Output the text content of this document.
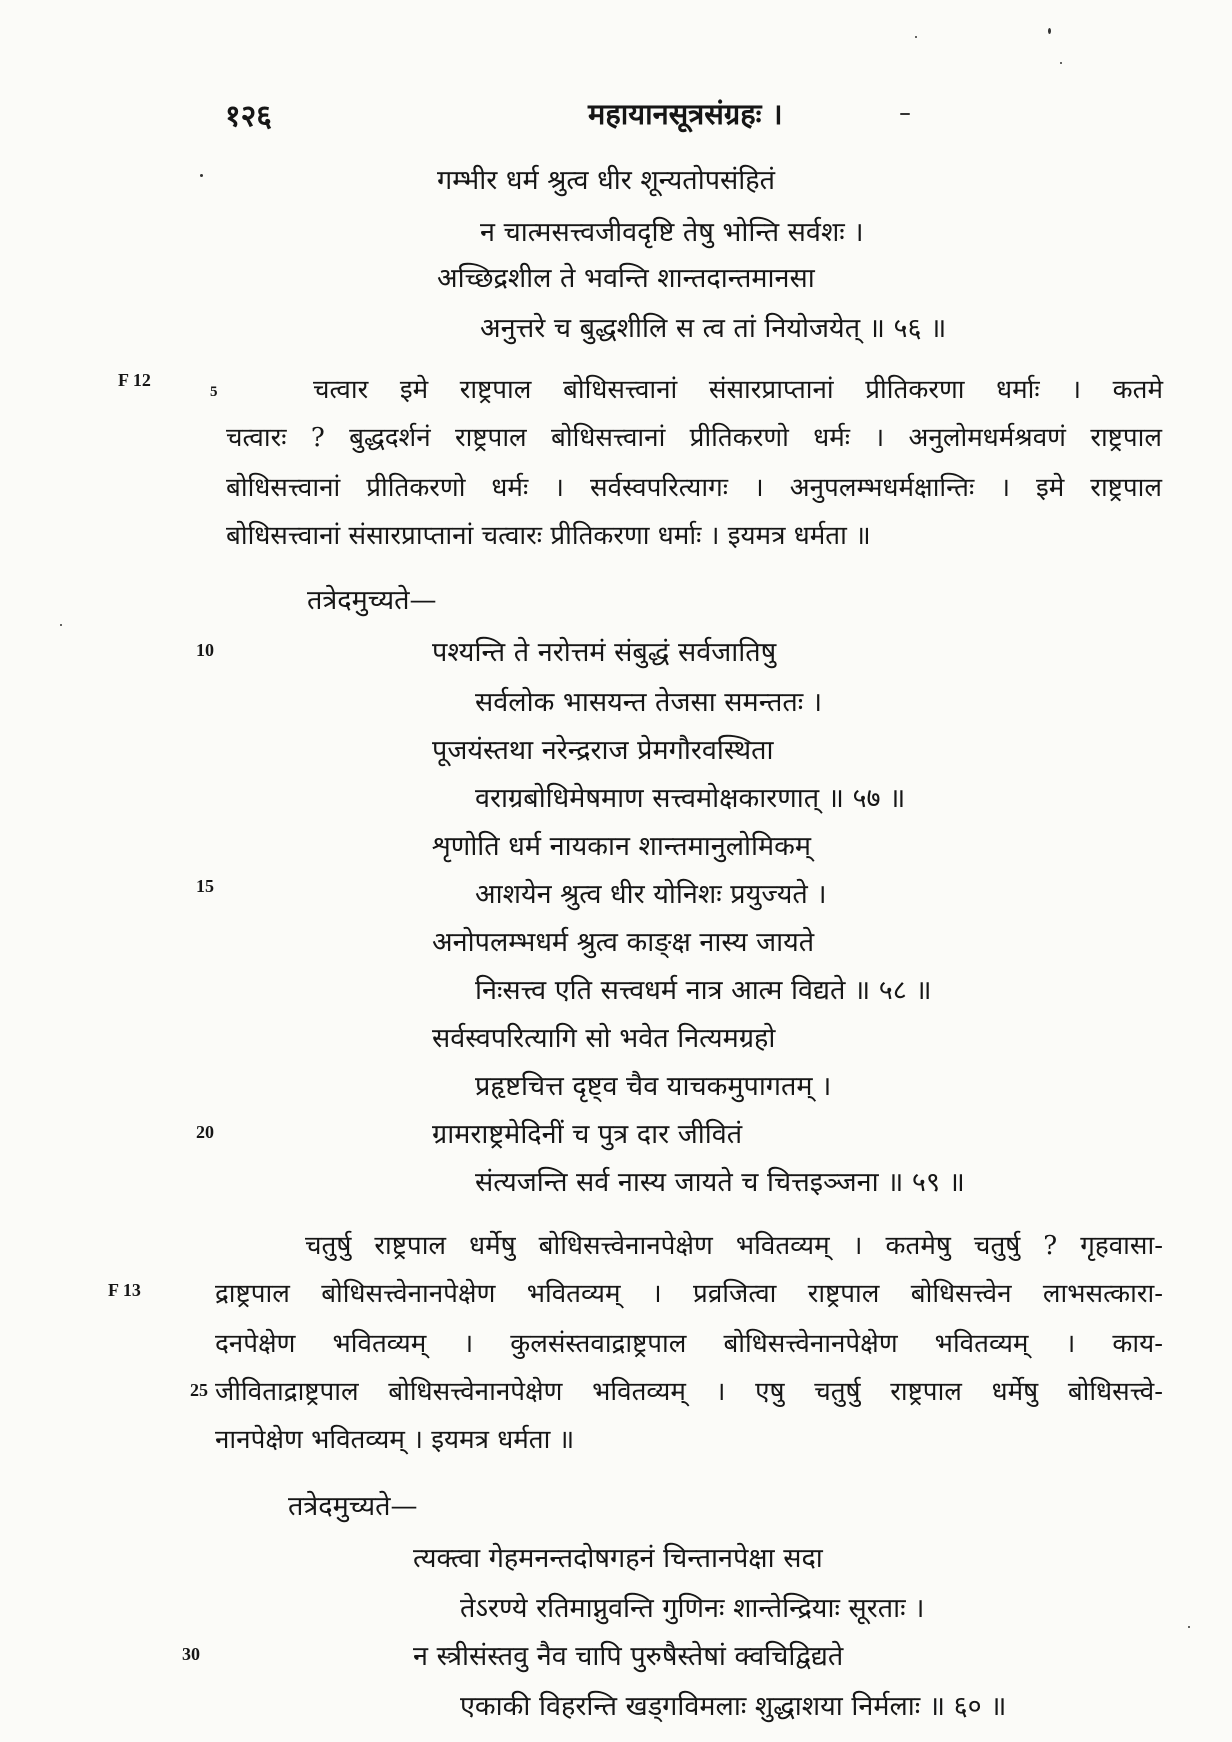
१२६	महायानसूत्रसंग्रहः ।
गम्भीर धर्म श्रुत्व धीर शून्यतोपसंहितं
न चात्मसत्त्वजीवदृष्टि तेषु भोन्ति सर्वशः ।
अच्छिद्रशील ते भवन्ति शान्तदान्तमानसा
अनुत्तरे च बुद्धशीलि स त्व तां नियोजयेत् ॥ ५६ ॥
F 12
5	चत्वार इमे राष्ट्रपाल बोधिसत्त्वानां संसारप्राप्तानां प्रीतिकरणा धर्माः । कतमे
चत्वारः ? बुद्धदर्शनं राष्ट्रपाल बोधिसत्त्वानां प्रीतिकरणो धर्मः । अनुलोमधर्मश्रवणं राष्ट्रपाल
बोधिसत्त्वानां प्रीतिकरणो धर्मः । सर्वस्वपरित्यागः । अनुपलम्भधर्मक्षान्तिः । इमे राष्ट्रपाल
बोधिसत्त्वानां संसारप्राप्तानां चत्वारः प्रीतिकरणा धर्माः । इयमत्र धर्मता ॥
तत्रेदमुच्यते—
10	पश्यन्ति ते नरोत्तमं संबुद्धं सर्वजातिषु
सर्वलोक भासयन्त तेजसा समन्ततः ।
पूजयंस्तथा नरेन्द्रराज प्रेमगौरवस्थिता
वराग्रबोधिमेषमाण सत्त्वमोक्षकारणात् ॥ ५७ ॥
शृणोति धर्म नायकान शान्तमानुलोमिकम्
15	आशयेन श्रुत्व धीर योनिशः प्रयुज्यते ।
अनोपलम्भधर्म श्रुत्व काङ्क्ष नास्य जायते
निःसत्त्व एति सत्त्वधर्म नात्र आत्म विद्यते ॥ ५८ ॥
सर्वस्वपरित्यागि सो भवेत नित्यमग्रहो
प्रहृष्टचित्त दृष्ट्व चैव याचकमुपागतम् ।
20	ग्रामराष्ट्रमेदिनीं च पुत्र दार जीवितं
संत्यजन्ति सर्व नास्य जायते च चित्तइञ्जना ॥ ५९ ॥
चतुर्षु राष्ट्रपाल धर्मेषु बोधिसत्त्वेनानपेक्षेण भवितव्यम् । कतमेषु चतुर्षु ? गृहवासा-
F 13	द्राष्ट्रपाल बोधिसत्त्वेनानपेक्षेण भवितव्यम् । प्रव्रजित्वा राष्ट्रपाल बोधिसत्त्वेन लाभसत्कारा-
दनपेक्षेण भवितव्यम् । कुलसंस्तवाद्राष्ट्रपाल बोधिसत्त्वेनानपेक्षेण भवितव्यम् । काय-
25 जीविताद्राष्ट्रपाल बोधिसत्त्वेनानपेक्षेण भवितव्यम् । एषु चतुर्षु राष्ट्रपाल धर्मेषु बोधिसत्त्वे-
नानपेक्षेण भवितव्यम् । इयमत्र धर्मता ॥
तत्रेदमुच्यते—
त्यक्त्वा गेहमनन्तदोषगहनं चिन्तानपेक्षा सदा
तेऽरण्ये रतिमाप्नुवन्ति गुणिनः शान्तेन्द्रियाः सूरताः ।
30	न स्त्रीसंस्तवु नैव चापि पुरुषैस्तेषां क्वचिद्विद्यते
एकाकी विहरन्ति खड्गविमलाः शुद्धाशया निर्मलाः ॥ ६० ॥
